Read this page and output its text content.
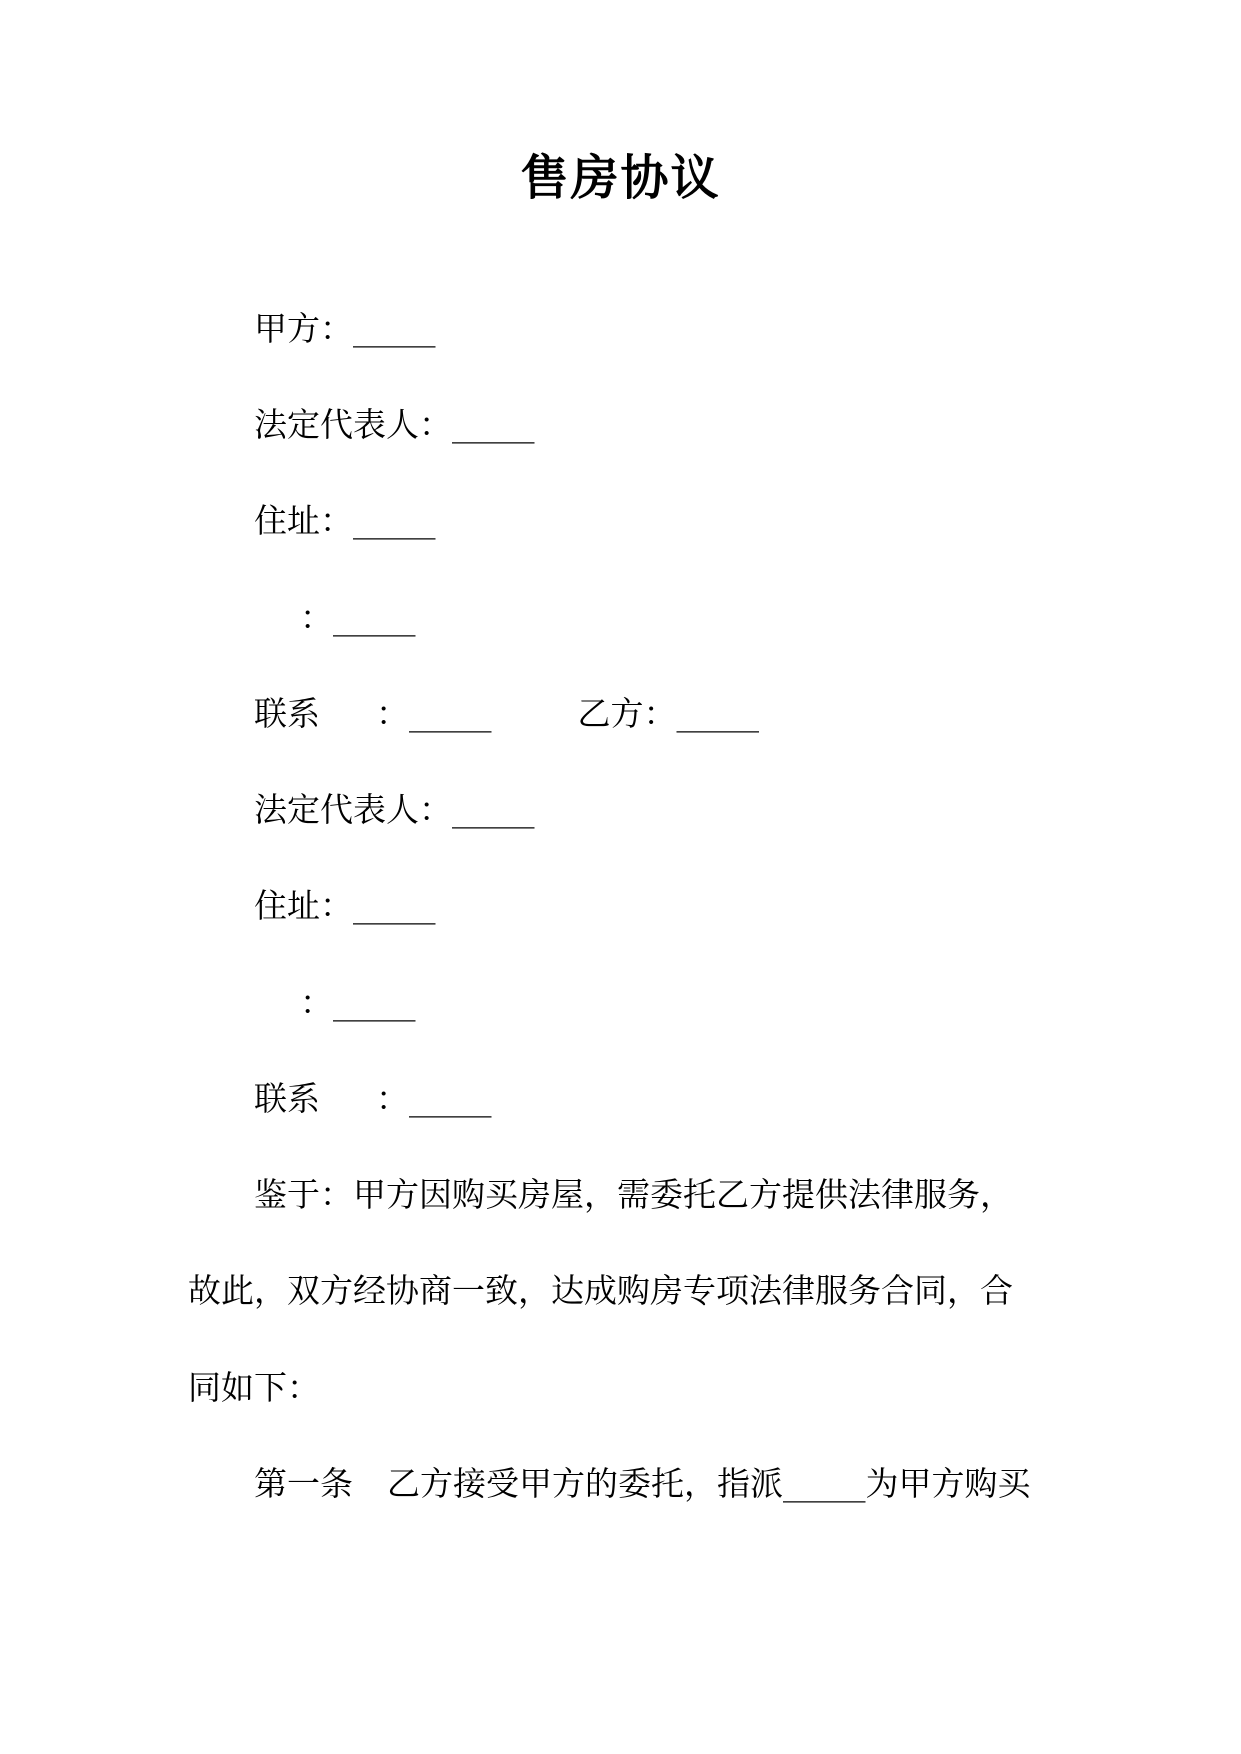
售房协议
甲方：_____
法定代表人：_____
住址：_____
：_____
联系 ：_____	乙方：_____
法定代表人：_____
住址：_____
：_____
联系 ：_____
鉴于：甲方因购买房屋，需委托乙方提供法律服务，
故此，双方经协商一致，达成购房专项法律服务合同，合
同如下：
第一条 乙方接受甲方的委托，指派_____为甲方购买
